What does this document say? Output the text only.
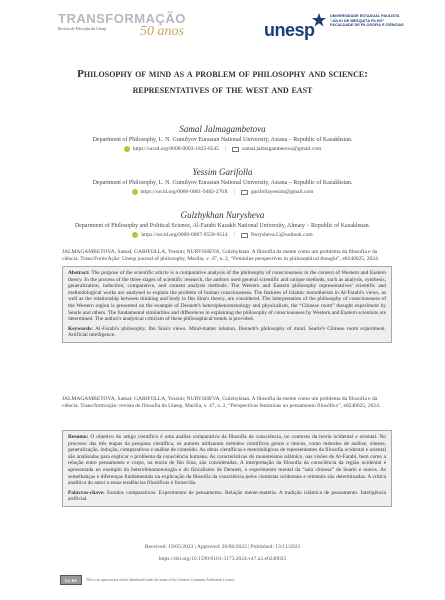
TRANSFORMAÇÃO
Revista de Filosofia da Unesp	50 anos	unesp
UNIVERSIDADE ESTADUAL PAULISTA
"JÚLIO DE MESQUITA FILHO"
FACULDADE DE FILOSOFIA E CIÊNCIAS
Philosophy of mind as a problem of philosophy and science: representatives of the west and east
Samal Jalmagambetova
Department of Philosophy, L. N. Gumilyov Eurasian National University, Astana – Republic of Kazakhstan.
https://orcid.org/0000-0003-1825-0545	|	samal.jalmagambetova@gmail.com
Yessim Garifolla
Department of Philosophy, L. N. Gumilyov Eurasian National University, Astana – Republic of Kazakhstan.
https://orcid.org/0000-0001-9482-276X	|	garifollayessim@gmail.com
Gulzhykhan Nurysheva
Department of Philosophy and Political Science, Al-Farabi Kazakh National University, Almaty – Republic of Kazakhstan.
https://orcid.org/0009-0007-9558-9514	|	Nurysheva.G@outlook.com
JALMAGAMBETOVA, Samal; GARIFOLLA, Yessim; NURYSHEVA, Gulzhykhan. A filosofia da mente como um problema da filosofia e da ciência. Trans/Form/Ação: Unesp journal of philosophy, Marília, v. 47, n. 2, “Feminine perspectives in philosophical thought”, e0240025, 2024.
Abstract: The purpose of the scientific article is a comparative analysis of the philosophy of consciousness in the context of Western and Eastern theory. In the process of the three stages of scientific research, the authors used general scientific and unique methods, such as analysis, synthesis, generalization, induction, comparative, and content analysis methods. The Western and Eastern philosophy representatives' scientific and methodological works are analysed to explain the problem of human consciousness. The features of Islamic monotheism in Al-Farabi's views, as well as the relationship between thinking and body in Ibn Sina's theory, are considered. The interpretation of the philosophy of consciousness of the Western region is presented on the example of Dennett's heterophenomenology and physicalism, the “Chinese room” thought experiment by Searle and others. The fundamental similarities and differences in explaining the philosophy of consciousness by Western and Eastern scientists are determined. The author's analytical criticism of these philosophical trends is provided.
Keywords: Al-Farabi's philosophy. Ibn Sina's views. Mind-matter relation. Dennett's philosophy of mind. Searle's Chinese room experiment. Artificial intelligence.
JALMAGAMBETOVA, Samal; GARIFOLLA, Yessim; NURYSHEVA, Gulzhykhan. A filosofia da mente como um problema da filosofia e da ciência. Trans/form/ação: revista de filosofia da Unesp, Marília, v. 47, n. 2, “Perspectivas femininas no pensamento filosófico”, e0240025, 2024.
Resumo: O objetivo do artigo científico é uma análise comparativa da filosofia da consciência, no contexto da teoria ocidental e oriental. No processo das três etapas da pesquisa científica, os autores utilizaram métodos científicos gerais e únicos, como métodos de análise, síntese, generalização, indução, comparativos e análise de conteúdo. As obras científicas e metodológicas de representantes da filosofia ocidental e oriental são analisadas para explicar o problema da consciência humana. As características do monoteísmo islâmico, nas visões de Al-Farabi, bem como a relação entre pensamento e corpo, na teoria de Ibn Sina, são consideradas. A interpretação da filosofia da consciência da região ocidental é apresentada no exemplo da heterofenomenologia e do fisicalismo de Dennett, o experimento mental da “sala chinesa” de Searle e outros. As semelhanças e diferenças fundamentais na explicação da filosofia da consciência pelos cientistas ocidentais e orientais são determinadas. A crítica analítica do autor a essas tendências filosóficas é fornecida.
Palavras-chave: Estudos comparativos. Experimento de pensamento. Relação mente-matéria. A tradição islâmica de pensamento. Inteligência artificial.
Received: 19/05/2023 | Approved: 20/06/2023 | Published: 13/11/2023
https://doi.org/10.1590/0101-3173.2024.v47.n2.e0240025
CC BY	This is an open-access article distributed under the terms of the Creative Commons Attribution License.
